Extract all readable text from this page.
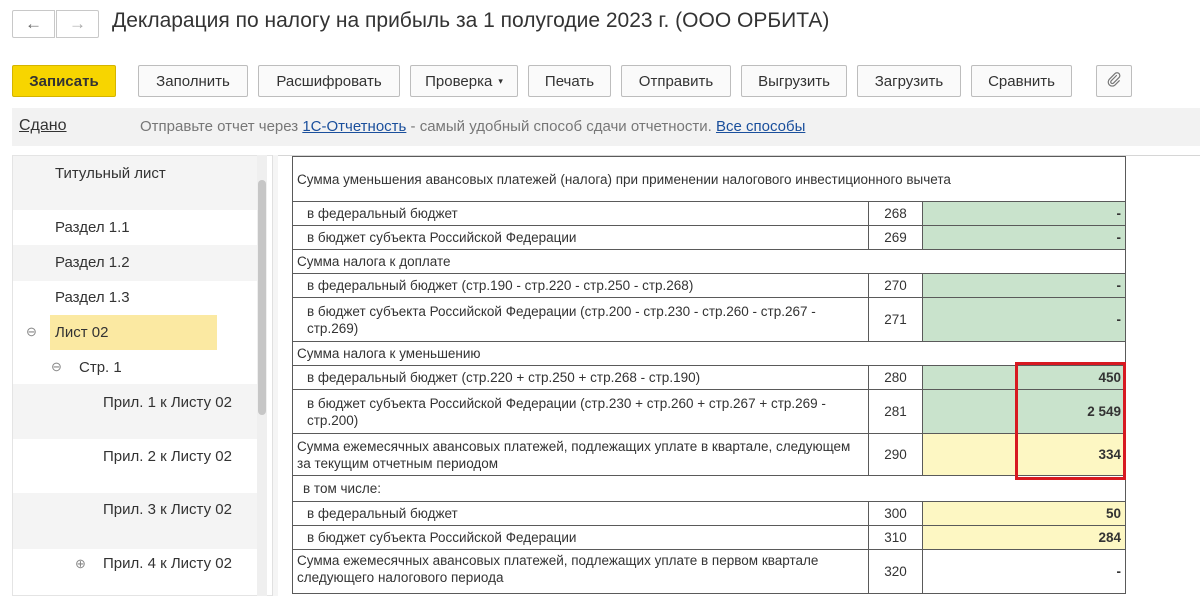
← → Декларация по налогу на прибыль за 1 полугодие 2023 г. (ООО ОРБИТА)
Записать	Заполнить	Расшифровать	Проверка ▾	Печать	Отправить	Выгрузить	Загрузить	Сравнить
Сдано	Отправьте отчет через 1С-Отчетность - самый удобный способ сдачи отчетности. Все способы
Титульный лист
Раздел 1.1
Раздел 1.2
Раздел 1.3
⊖ Лист 02
⊖ Стр. 1
Прил. 1 к Листу 02
Прил. 2 к Листу 02
Прил. 3 к Листу 02
⊕ Прил. 4 к Листу 02
Сумма уменьшения авансовых платежей (налога) при применении налогового инвестиционного вычета		
в федеральный бюджет	268	-
в бюджет субъекта Российской Федерации	269	-
Сумма налога к доплате		
в федеральный бюджет (стр.190 - стр.220 - стр.250 - стр.268)	270	-
в бюджет субъекта Российской Федерации (стр.200 - стр.230 - стр.260 - стр.267 - стр.269)	271	-
Сумма налога к уменьшению		
в федеральный бюджет (стр.220 + стр.250 + стр.268 - стр.190)	280	450
в бюджет субъекта Российской Федерации (стр.230 + стр.260 + стр.267 + стр.269 - стр.200)	281	2 549
Сумма ежемесячных авансовых платежей, подлежащих уплате в квартале, следующем за текущим отчетным периодом	290	334
в том числе:		
в федеральный бюджет	300	50
в бюджет субъекта Российской Федерации	310	284
Сумма ежемесячных авансовых платежей, подлежащих уплате в первом квартале следующего налогового периода	320	-
